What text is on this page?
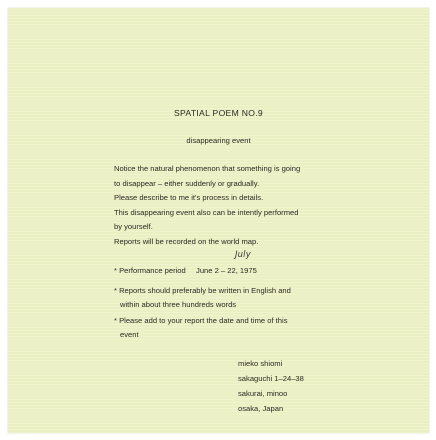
SPATIAL POEM NO.9
disappearing event
Notice the natural phenomenon that something is going
to disappear – either suddenly or gradually.
Please describe to me it's process in details.
This disappearing event also can be intently performed
by yourself.
Reports will be recorded on the world map.
July
* Performance period June 2 – 22, 1975
* Reports should preferably be written in English and
within about three hundreds words
* Please add to your report the date and time of this
event
mieko shiomi
sakaguchi 1–24–38
sakurai, minoo
osaka, Japan
